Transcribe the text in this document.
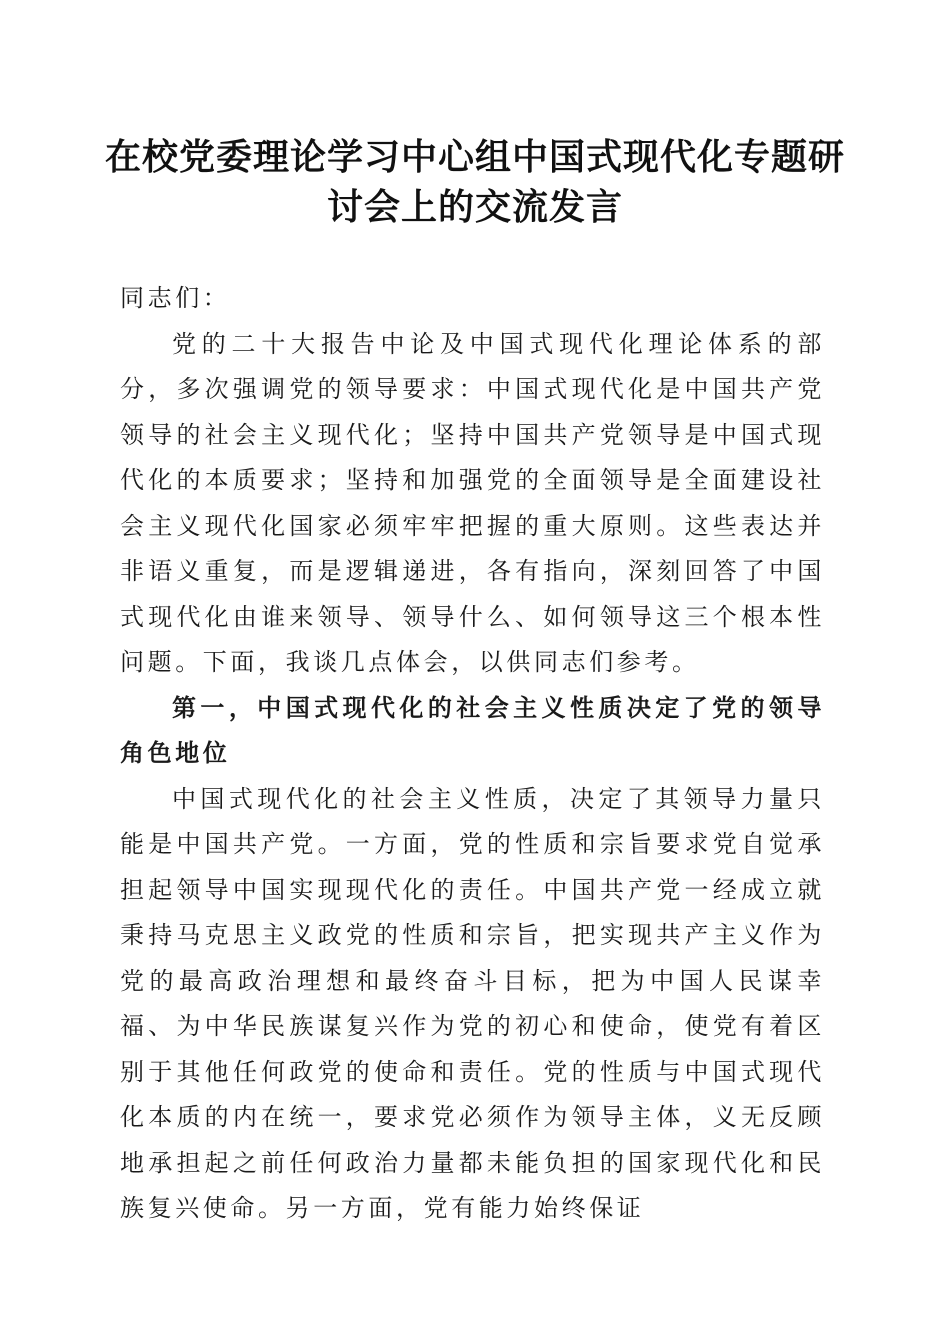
在校党委理论学习中心组中国式现代化专题研讨会上的交流发言

同志们：

党的二十大报告中论及中国式现代化理论体系的部分，多次强调党的领导要求：中国式现代化是中国共产党领导的社会主义现代化；坚持中国共产党领导是中国式现代化的本质要求；坚持和加强党的全面领导是全面建设社会主义现代化国家必须牢牢把握的重大原则。这些表达并非语义重复，而是逻辑递进，各有指向，深刻回答了中国式现代化由谁来领导、领导什么、如何领导这三个根本性问题。下面，我谈几点体会，以供同志们参考。

第一，中国式现代化的社会主义性质决定了党的领导角色地位

中国式现代化的社会主义性质，决定了其领导力量只能是中国共产党。一方面，党的性质和宗旨要求党自觉承担起领导中国实现现代化的责任。中国共产党一经成立就秉持马克思主义政党的性质和宗旨，把实现共产主义作为党的最高政治理想和最终奋斗目标，把为中国人民谋幸福、为中华民族谋复兴作为党的初心和使命，使党有着区别于其他任何政党的使命和责任。党的性质与中国式现代化本质的内在统一，要求党必须作为领导主体，义无反顾地承担起之前任何政治力量都未能负担的国家现代化和民族复兴使命。另一方面，党有能力始终保证
